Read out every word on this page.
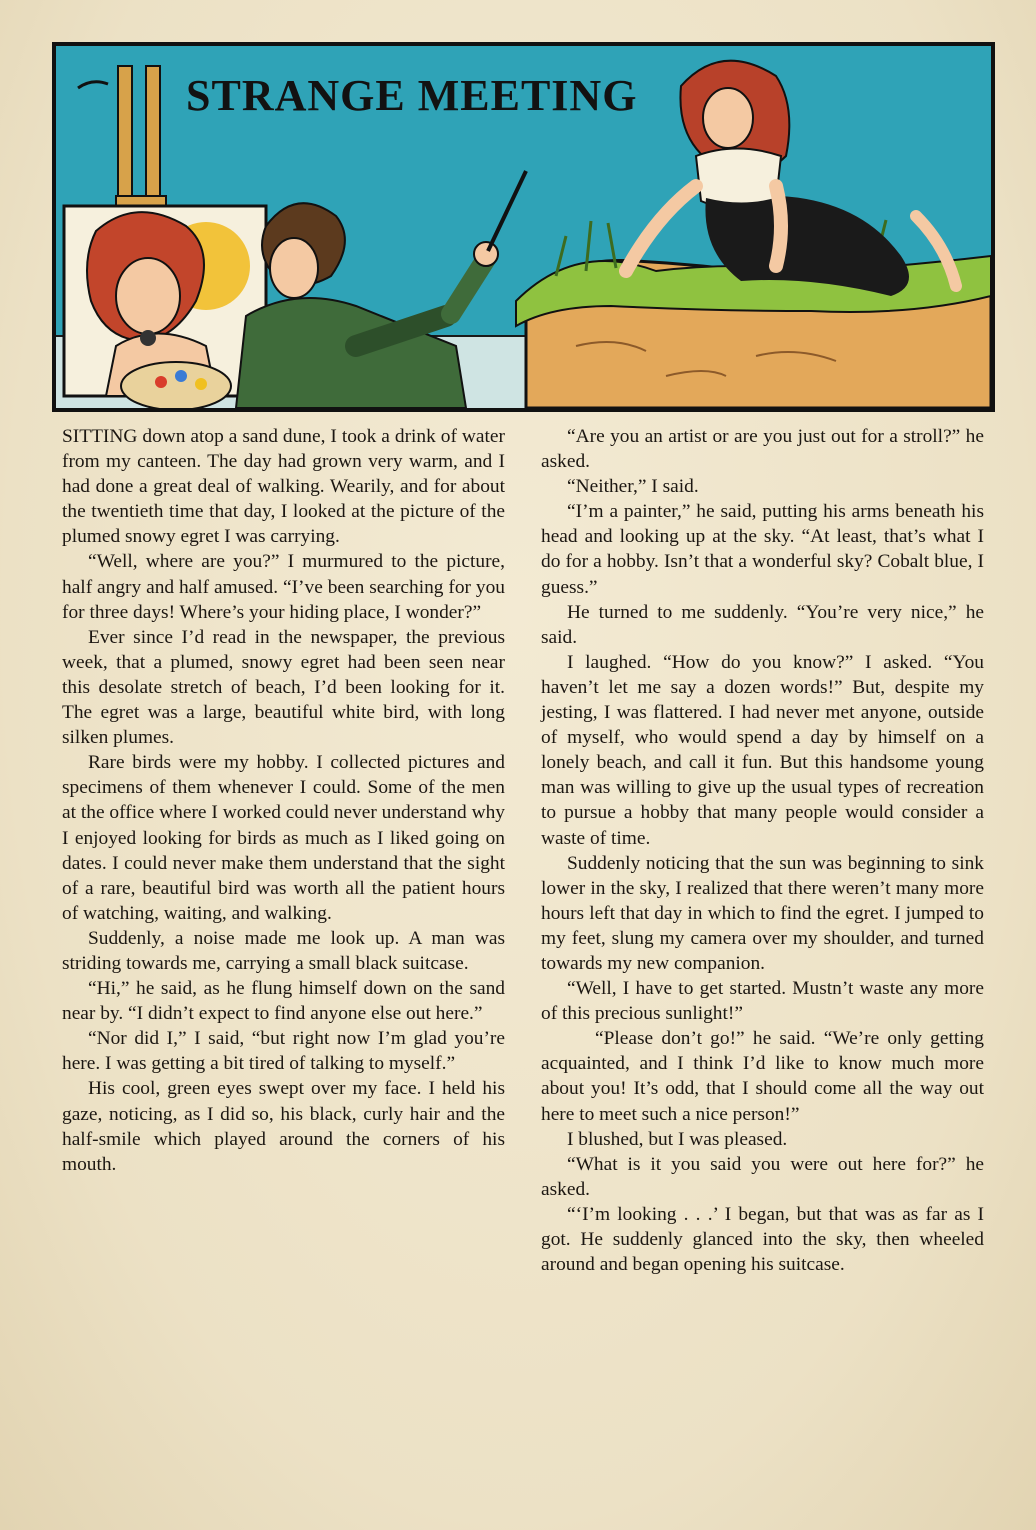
STRANGE MEETING

SITTING down atop a sand dune, I took a drink of water from my canteen. The day had grown very warm, and I had done a great deal of walking. Wearily, and for about the twentieth time that day, I looked at the picture of the plumed snowy egret I was carrying.

“Well, where are you?” I murmured to the picture, half angry and half amused. “I’ve been searching for you for three days! Where’s your hiding place, I wonder?”

Ever since I’d read in the newspaper, the previous week, that a plumed, snowy egret had been seen near this desolate stretch of beach, I’d been looking for it. The egret was a large, beautiful white bird, with long silken plumes.

Rare birds were my hobby. I collected pictures and specimens of them whenever I could. Some of the men at the office where I worked could never understand why I enjoyed looking for birds as much as I liked going on dates. I could never make them understand that the sight of a rare, beautiful bird was worth all the patient hours of watching, waiting, and walking.

Suddenly, a noise made me look up. A man was striding towards me, carrying a small black suitcase.

“Hi,” he said, as he flung himself down on the sand near by. “I didn’t expect to find anyone else out here.”

“Nor did I,” I said, “but right now I’m glad you’re here. I was getting a bit tired of talking to myself.”

His cool, green eyes swept over my face. I held his gaze, noticing, as I did so, his black, curly hair and the half-smile which played around the corners of his mouth.

“Are you an artist or are you just out for a stroll?” he asked.

“Neither,” I said.

“I’m a painter,” he said, putting his arms beneath his head and looking up at the sky. “At least, that’s what I do for a hobby. Isn’t that a wonderful sky? Cobalt blue, I guess.”

He turned to me suddenly. “You’re very nice,” he said.

I laughed. “How do you know?” I asked. “You haven’t let me say a dozen words!” But, despite my jesting, I was flattered. I had never met anyone, outside of myself, who would spend a day by himself on a lonely beach, and call it fun. But this handsome young man was willing to give up the usual types of recreation to pursue a hobby that many people would consider a waste of time.

Suddenly noticing that the sun was beginning to sink lower in the sky, I realized that there weren’t many more hours left that day in which to find the egret. I jumped to my feet, slung my camera over my shoulder, and turned towards my new companion.

“Well, I have to get started. Mustn’t waste any more of this precious sunlight!”

“Please don’t go!” he said. “We’re only getting acquainted, and I think I’d like to know much more about you! It’s odd, that I should come all the way out here to meet such a nice person!”

I blushed, but I was pleased.

“What is it you said you were out here for?” he asked.

“‘I’m looking . . .’ I began, but that was as far as I got. He suddenly glanced into the sky, then wheeled around and began opening his suitcase.
